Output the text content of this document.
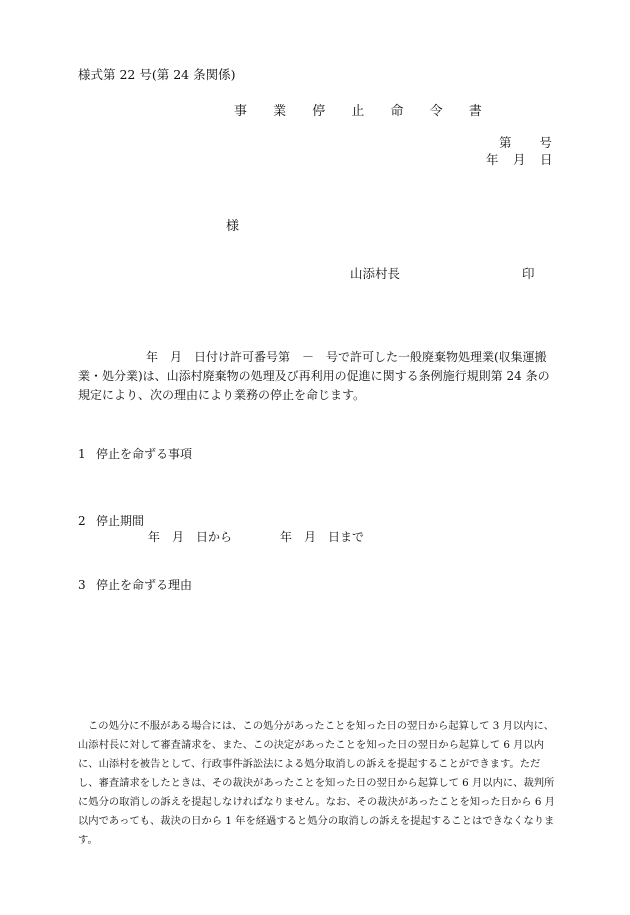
様式第 22 号(第 24 条関係)
事 業 停 止 命 令 書
第　　号
年　月　日
様
山添村長	印

　　年　月　日付け許可番号第　－　号で許可した一般廃棄物処理業(収集運搬業・処分業)は、山添村廃棄物の処理及び再利用の促進に関する条例施行規則第 24 条の規定により、次の理由により業務の停止を命じます。

1 停止を命ずる事項
2 停止期間
年　月　日から　　　　年　月　日まで
3 停止を命ずる理由

この処分に不服がある場合には、この処分があったことを知った日の翌日から起算して 3 月以内に、山添村長に対して審査請求を、また、この決定があったことを知った日の翌日から起算して 6 月以内に、山添村を被告として、行政事件訴訟法による処分取消しの訴えを提起することができます。ただし、審査請求をしたときは、その裁決があったことを知った日の翌日から起算して 6 月以内に、裁判所に処分の取消しの訴えを提起しなければなりません。なお、その裁決があったことを知った日から 6 月以内であっても、裁決の日から 1 年を経過すると処分の取消しの訴えを提起することはできなくなります。
